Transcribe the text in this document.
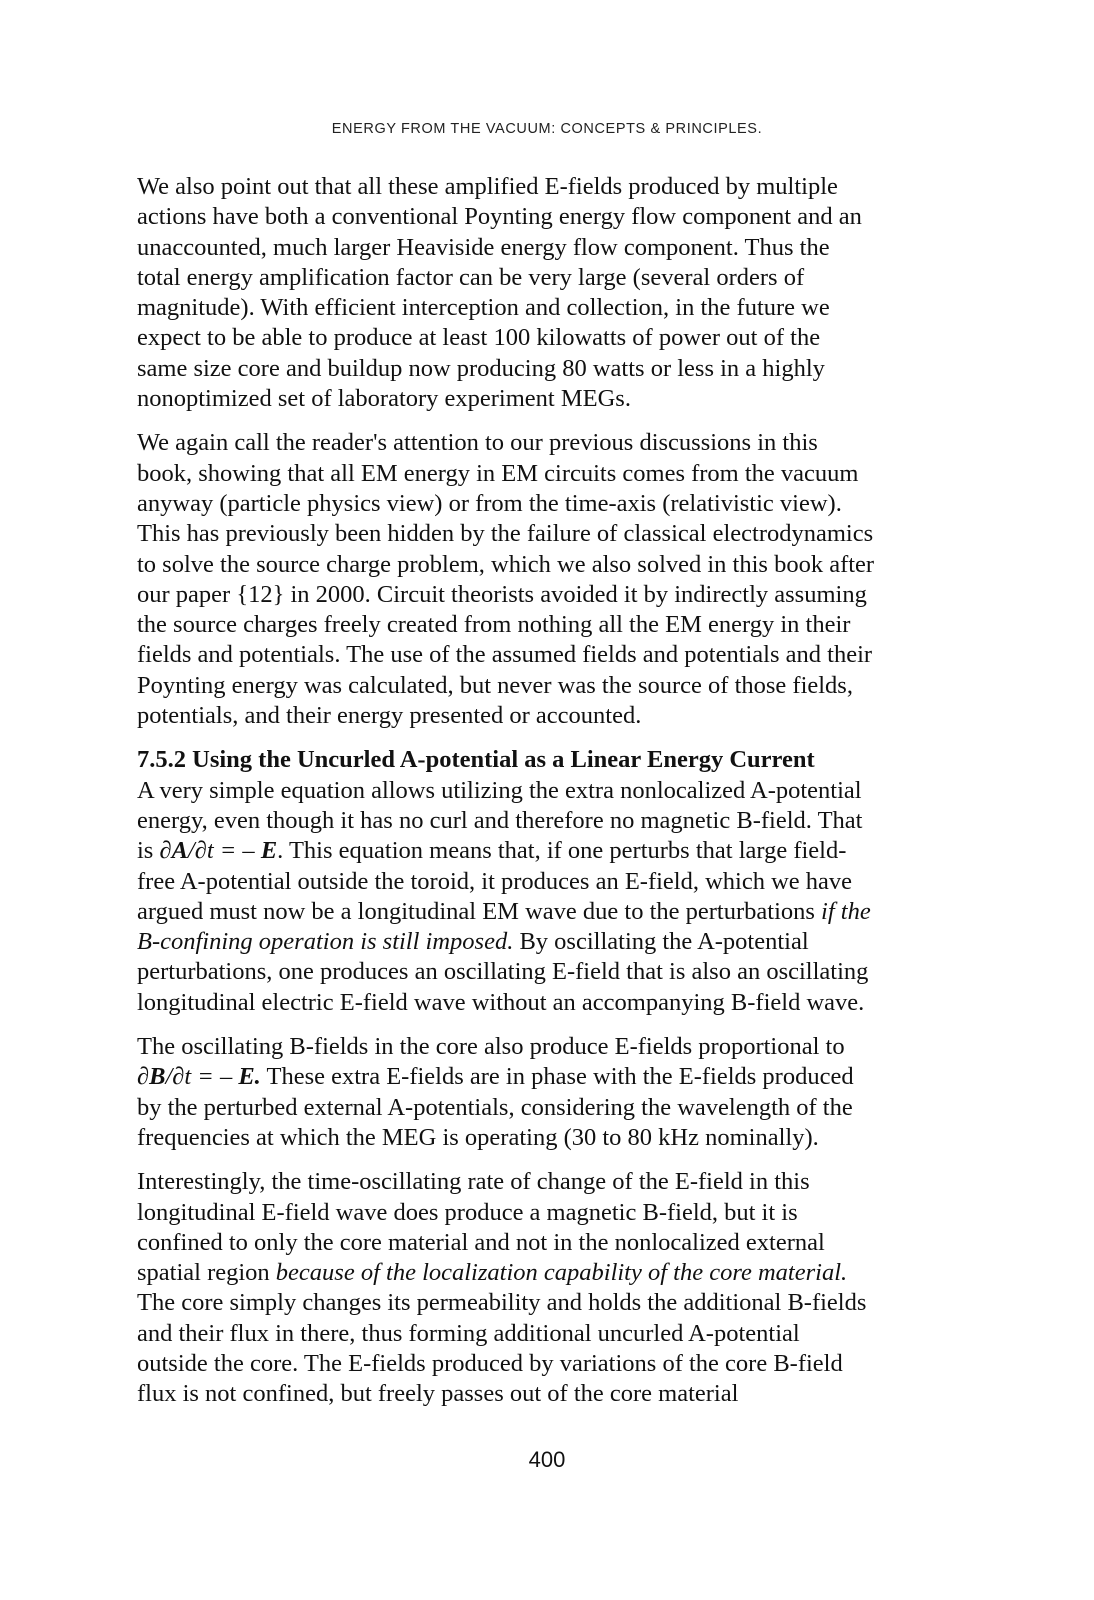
ENERGY FROM THE VACUUM: CONCEPTS & PRINCIPLES.

We also point out that all these amplified E-fields produced by multiple
actions have both a conventional Poynting energy flow component and an
unaccounted, much larger Heaviside energy flow component. Thus the
total energy amplification factor can be very large (several orders of
magnitude). With efficient interception and collection, in the future we
expect to be able to produce at least 100 kilowatts of power out of the
same size core and buildup now producing 80 watts or less in a highly
nonoptimized set of laboratory experiment MEGs.

We again call the reader's attention to our previous discussions in this
book, showing that all EM energy in EM circuits comes from the vacuum
anyway (particle physics view) or from the time-axis (relativistic view).
This has previously been hidden by the failure of classical electrodynamics
to solve the source charge problem, which we also solved in this book after
our paper {12} in 2000. Circuit theorists avoided it by indirectly assuming
the source charges freely created from nothing all the EM energy in their
fields and potentials. The use of the assumed fields and potentials and their
Poynting energy was calculated, but never was the source of those fields,
potentials, and their energy presented or accounted.

7.5.2 Using the Uncurled A-potential as a Linear Energy Current
A very simple equation allows utilizing the extra nonlocalized A-potential
energy, even though it has no curl and therefore no magnetic B-field. That
is ∂A/∂t = – E. This equation means that, if one perturbs that large field-
free A-potential outside the toroid, it produces an E-field, which we have
argued must now be a longitudinal EM wave due to the perturbations if the
B-confining operation is still imposed. By oscillating the A-potential
perturbations, one produces an oscillating E-field that is also an oscillating
longitudinal electric E-field wave without an accompanying B-field wave.

The oscillating B-fields in the core also produce E-fields proportional to
∂B/∂t = – E. These extra E-fields are in phase with the E-fields produced
by the perturbed external A-potentials, considering the wavelength of the
frequencies at which the MEG is operating (30 to 80 kHz nominally).

Interestingly, the time-oscillating rate of change of the E-field in this
longitudinal E-field wave does produce a magnetic B-field, but it is
confined to only the core material and not in the nonlocalized external
spatial region because of the localization capability of the core material.
The core simply changes its permeability and holds the additional B-fields
and their flux in there, thus forming additional uncurled A-potential
outside the core. The E-fields produced by variations of the core B-field
flux is not confined, but freely passes out of the core material

400
